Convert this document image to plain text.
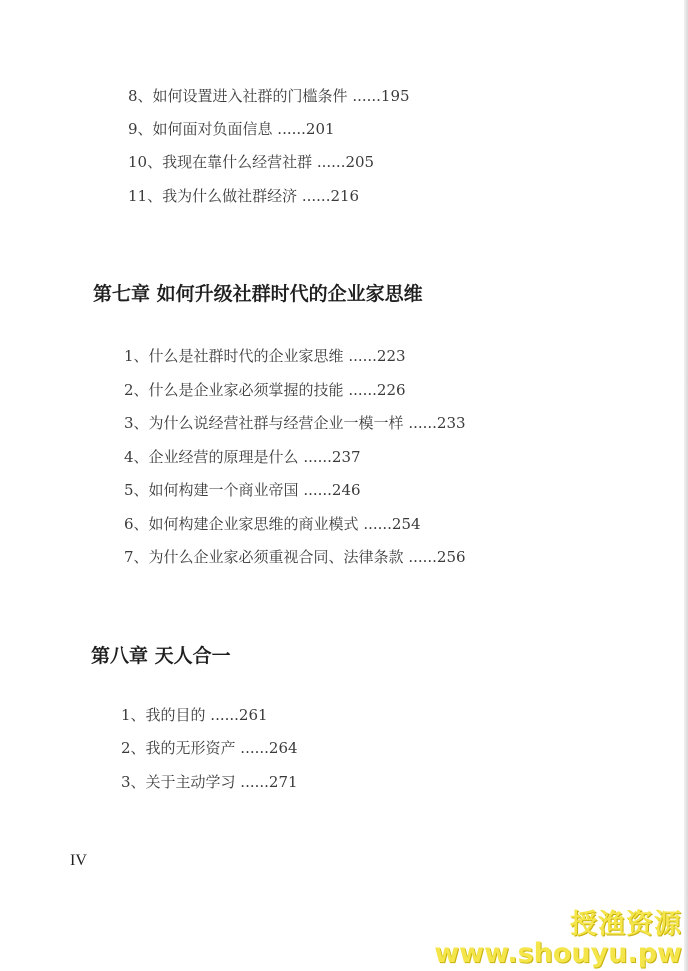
8、如何设置进入社群的门槛条件 ......195
9、如何面对负面信息 ......201
10、我现在靠什么经营社群 ......205
11、我为什么做社群经济 ......216
第七章 如何升级社群时代的企业家思维
1、什么是社群时代的企业家思维 ......223
2、什么是企业家必须掌握的技能 ......226
3、为什么说经营社群与经营企业一模一样 ......233
4、企业经营的原理是什么 ......237
5、如何构建一个商业帝国 ......246
6、如何构建企业家思维的商业模式 ......254
7、为什么企业家必须重视合同、法律条款 ......256
第八章 天人合一
1、我的目的 ......261
2、我的无形资产 ......264
3、关于主动学习 ......271
IV
授渔资源
www.shouyu.pw
